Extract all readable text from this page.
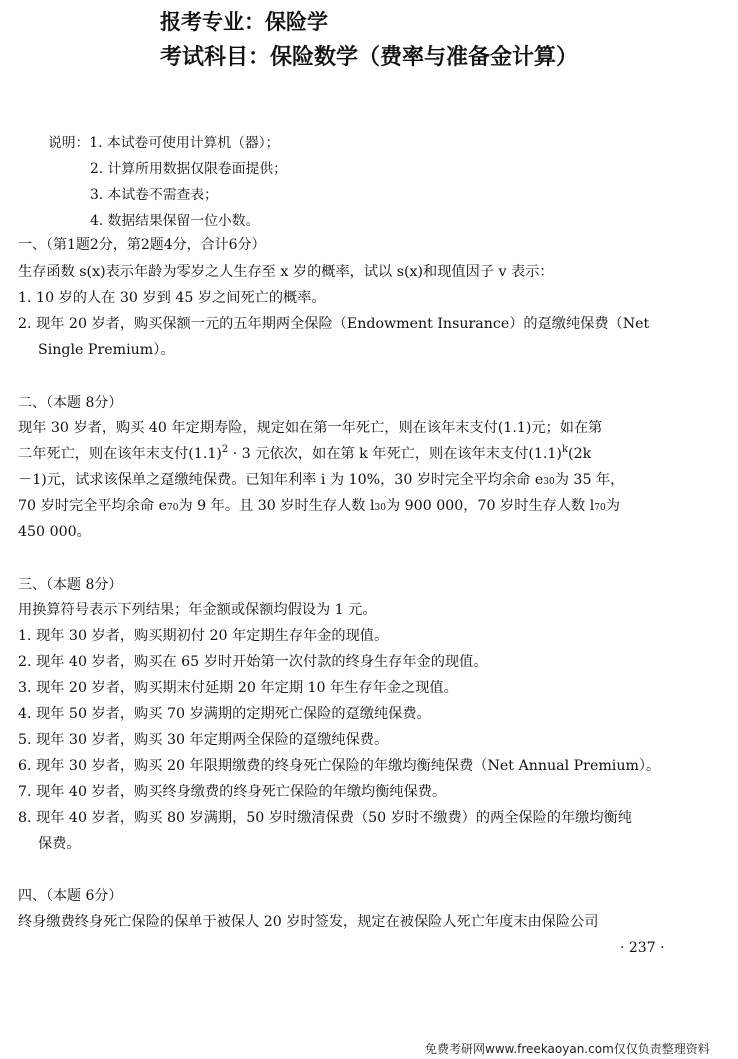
报考专业：保险学
考试科目：保险数学（费率与准备金计算）
说明：1. 本试卷可使用计算机（器）；
2. 计算所用数据仅限卷面提供；
3. 本试卷不需查表；
4. 数据结果保留一位小数。
一、（第1题2分，第2题4分，合计6分）
生存函数 s(x)表示年龄为零岁之人生存至 x 岁的概率，试以 s(x)和现值因子 v 表示：
1. 10 岁的人在 30 岁到 45 岁之间死亡的概率。
2. 现年 20 岁者，购买保额一元的五年期两全保险（Endowment Insurance）的趸缴纯保费（Net
Single Premium）。
二、（本题 8分）
现年 30 岁者，购买 40 年定期寿险，规定如在第一年死亡，则在该年末支付(1.1)元；如在第
二年死亡，则在该年末支付$(1.1)^2 \cdot 3$ 元依次，如在第 k 年死亡，则在该年末支付$(1.1)^k(2k$
－1)元，试求该保单之趸缴纯保费。已知年利率 i 为 10%，30 岁时完全平均余命 e30为 35 年，
70 岁时完全平均余命 e70为 9 年。且 30 岁时生存人数 l30为 900 000，70 岁时生存人数 l70为
450 000。
三、（本题 8分）
用换算符号表示下列结果；年金额或保额均假设为 1 元。
1. 现年 30 岁者，购买期初付 20 年定期生存年金的现值。
2. 现年 40 岁者，购买在 65 岁时开始第一次付款的终身生存年金的现值。
3. 现年 20 岁者，购买期末付延期 20 年定期 10 年生存年金之现值。
4. 现年 50 岁者，购买 70 岁满期的定期死亡保险的趸缴纯保费。
5. 现年 30 岁者，购买 30 年定期两全保险的趸缴纯保费。
6. 现年 30 岁者，购买 20 年限期缴费的终身死亡保险的年缴均衡纯保费（Net Annual Premium）。
7. 现年 40 岁者，购买终身缴费的终身死亡保险的年缴均衡纯保费。
8. 现年 40 岁者，购买 80 岁满期，50 岁时缴清保费（50 岁时不缴费）的两全保险的年缴均衡纯
保费。
四、（本题 6分）
终身缴费终身死亡保险的保单于被保人 20 岁时签发，规定在被保险人死亡年度末由保险公司
· 237 ·
免费考研网www.freekaoyan.com仅仅负责整理资料
